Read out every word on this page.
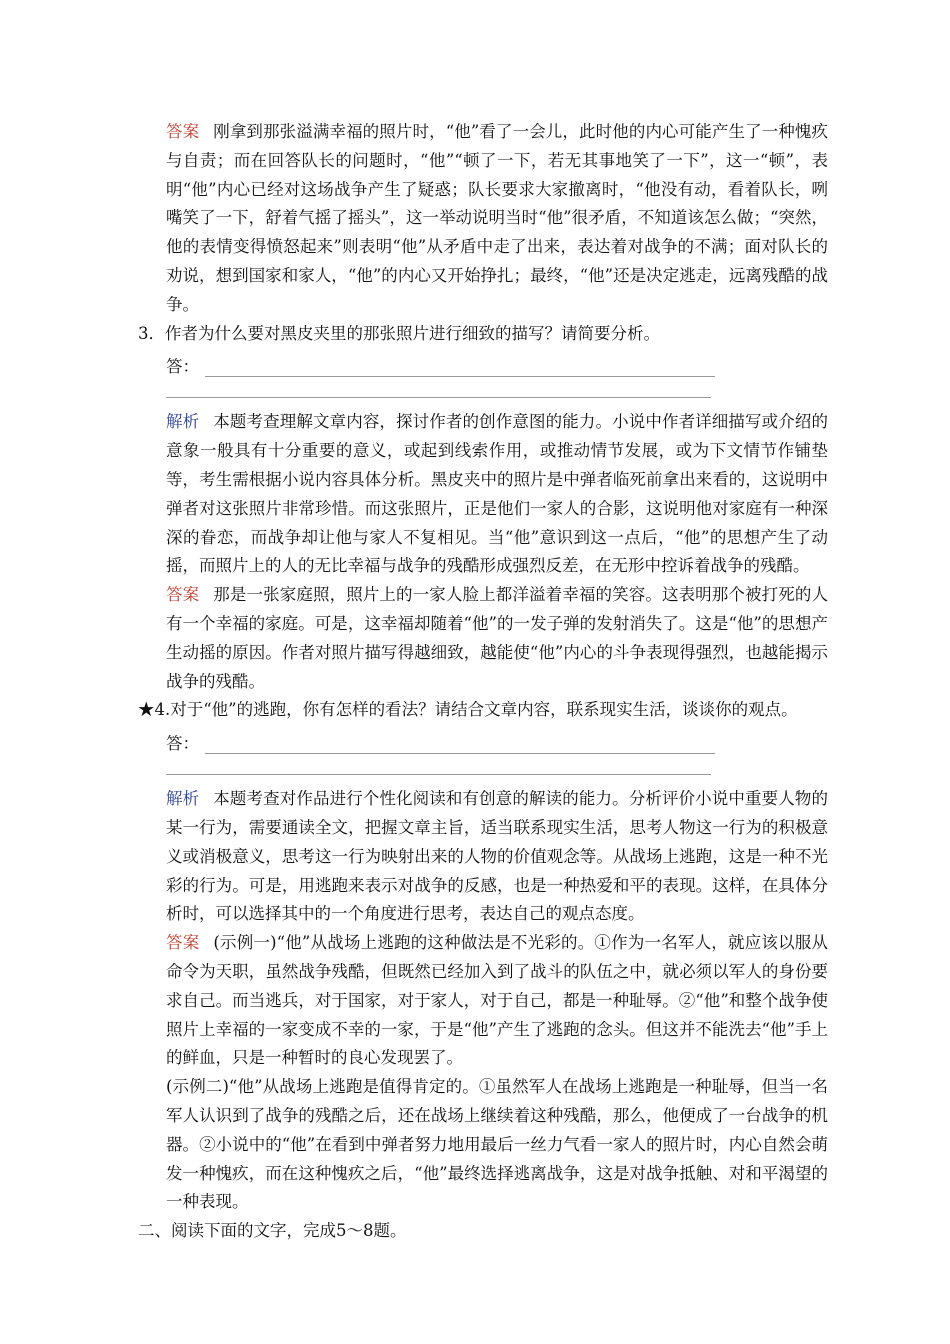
答案 刚拿到那张溢满幸福的照片时，“他”看了一会儿，此时他的内心可能产生了一种愧疚与自责；而在回答队长的问题时，“他”“顿了一下，若无其事地笑了一下”，这一“顿”，表明“他”内心已经对这场战争产生了疑惑；队长要求大家撤离时，“他没有动，看着队长，咧嘴笑了一下，舒着气摇了摇头”，这一举动说明当时“他”很矛盾，不知道该怎么做；“突然，他的表情变得愤怒起来”则表明“他”从矛盾中走了出来，表达着对战争的不满；面对队长的劝说，想到国家和家人，“他”的内心又开始挣扎；最终，“他”还是决定逃走，远离残酷的战争。

3．作者为什么要对黑皮夹里的那张照片进行细致的描写？请简要分析。

答：

解析 本题考查理解文章内容，探讨作者的创作意图的能力。小说中作者详细描写或介绍的意象一般具有十分重要的意义，或起到线索作用，或推动情节发展，或为下文情节作铺垫等，考生需根据小说内容具体分析。黑皮夹中的照片是中弹者临死前拿出来看的，这说明中弹者对这张照片非常珍惜。而这张照片，正是他们一家人的合影，这说明他对家庭有一种深深的眷恋，而战争却让他与家人不复相见。当“他”意识到这一点后，“他”的思想产生了动摇，而照片上的人的无比幸福与战争的残酷形成强烈反差，在无形中控诉着战争的残酷。

答案 那是一张家庭照，照片上的一家人脸上都洋溢着幸福的笑容。这表明那个被打死的人有一个幸福的家庭。可是，这幸福却随着“他”的一发子弹的发射消失了。这是“他”的思想产生动摇的原因。作者对照片描写得越细致，越能使“他”内心的斗争表现得强烈，也越能揭示战争的残酷。

★4.对于“他”的逃跑，你有怎样的看法？请结合文章内容，联系现实生活，谈谈你的观点。

答：

解析 本题考查对作品进行个性化阅读和有创意的解读的能力。分析评价小说中重要人物的某一行为，需要通读全文，把握文章主旨，适当联系现实生活，思考人物这一行为的积极意义或消极意义，思考这一行为映射出来的人物的价值观念等。从战场上逃跑，这是一种不光彩的行为。可是，用逃跑来表示对战争的反感，也是一种热爱和平的表现。这样，在具体分析时，可以选择其中的一个角度进行思考，表达自己的观点态度。

答案 (示例一)“他”从战场上逃跑的这种做法是不光彩的。①作为一名军人，就应该以服从命令为天职，虽然战争残酷，但既然已经加入到了战斗的队伍之中，就必须以军人的身份要求自己。而当逃兵，对于国家，对于家人，对于自己，都是一种耻辱。②“他”和整个战争使照片上幸福的一家变成不幸的一家，于是“他”产生了逃跑的念头。但这并不能洗去“他”手上的鲜血，只是一种暂时的良心发现罢了。

(示例二)“他”从战场上逃跑是值得肯定的。①虽然军人在战场上逃跑是一种耻辱，但当一名军人认识到了战争的残酷之后，还在战场上继续着这种残酷，那么，他便成了一台战争的机器。②小说中的“他”在看到中弹者努力地用最后一丝力气看一家人的照片时，内心自然会萌发一种愧疚，而在这种愧疚之后，“他”最终选择逃离战争，这是对战争抵触、对和平渴望的一种表现。

二、阅读下面的文字，完成5～8题。
